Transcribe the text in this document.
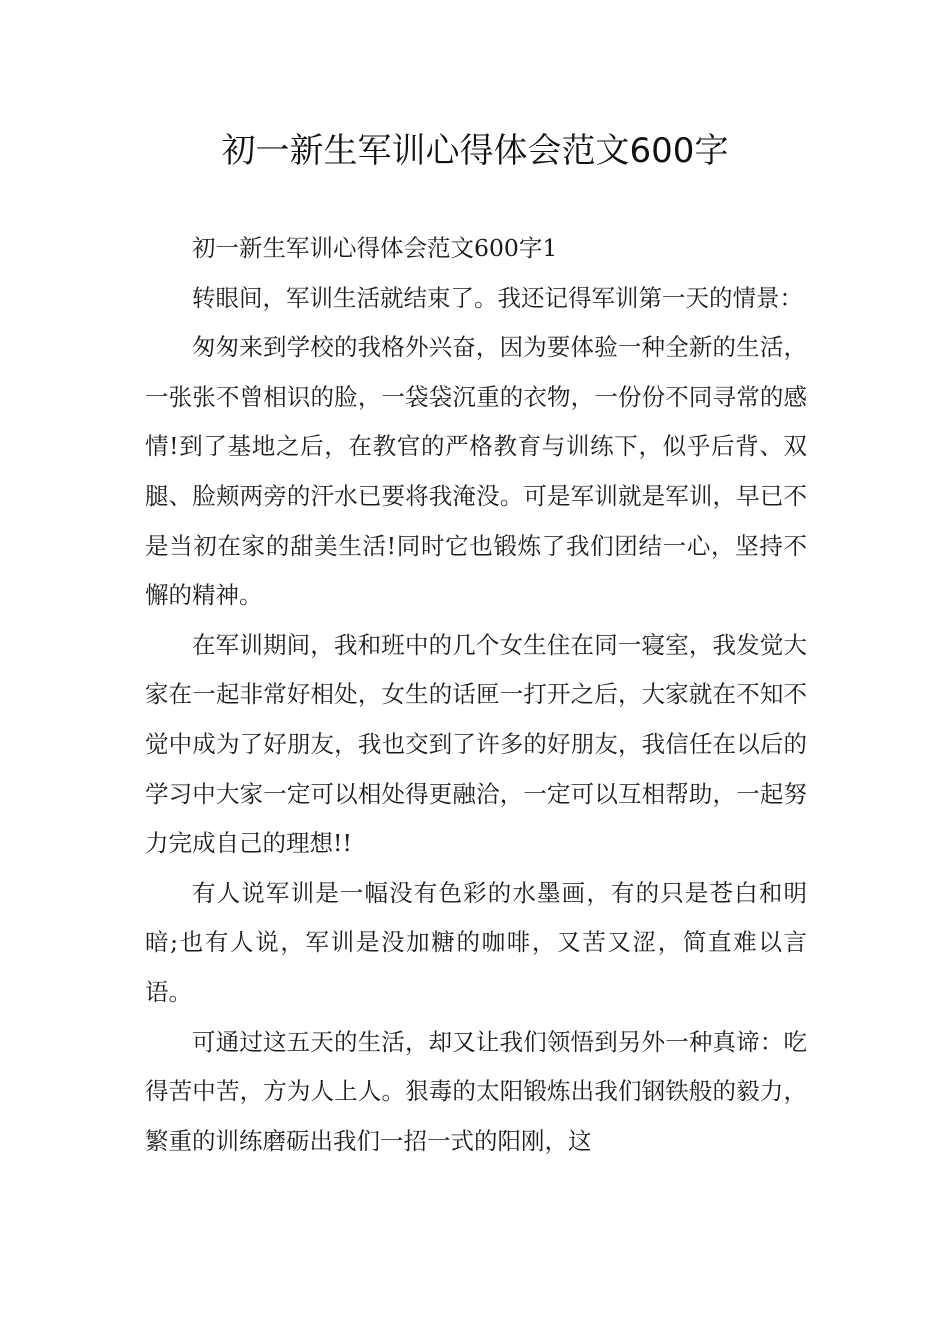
初一新生军训心得体会范文600字

初一新生军训心得体会范文600字1

转眼间，军训生活就结束了。我还记得军训第一天的情景：

匆匆来到学校的我格外兴奋，因为要体验一种全新的生活，一张张不曾相识的脸，一袋袋沉重的衣物，一份份不同寻常的感情!到了基地之后，在教官的严格教育与训练下，似乎后背、双腿、脸颊两旁的汗水已要将我淹没。可是军训就是军训，早已不是当初在家的甜美生活!同时它也锻炼了我们团结一心，坚持不懈的精神。

在军训期间，我和班中的几个女生住在同一寝室，我发觉大家在一起非常好相处，女生的话匣一打开之后，大家就在不知不觉中成为了好朋友，我也交到了许多的好朋友，我信任在以后的学习中大家一定可以相处得更融洽，一定可以互相帮助，一起努力完成自己的理想!!

有人说军训是一幅没有色彩的水墨画，有的只是苍白和明暗;也有人说，军训是没加糖的咖啡，又苦又涩，简直难以言语。

可通过这五天的生活，却又让我们领悟到另外一种真谛：吃得苦中苦，方为人上人。狠毒的太阳锻炼出我们钢铁般的毅力，繁重的训练磨砺出我们一招一式的阳刚，这
